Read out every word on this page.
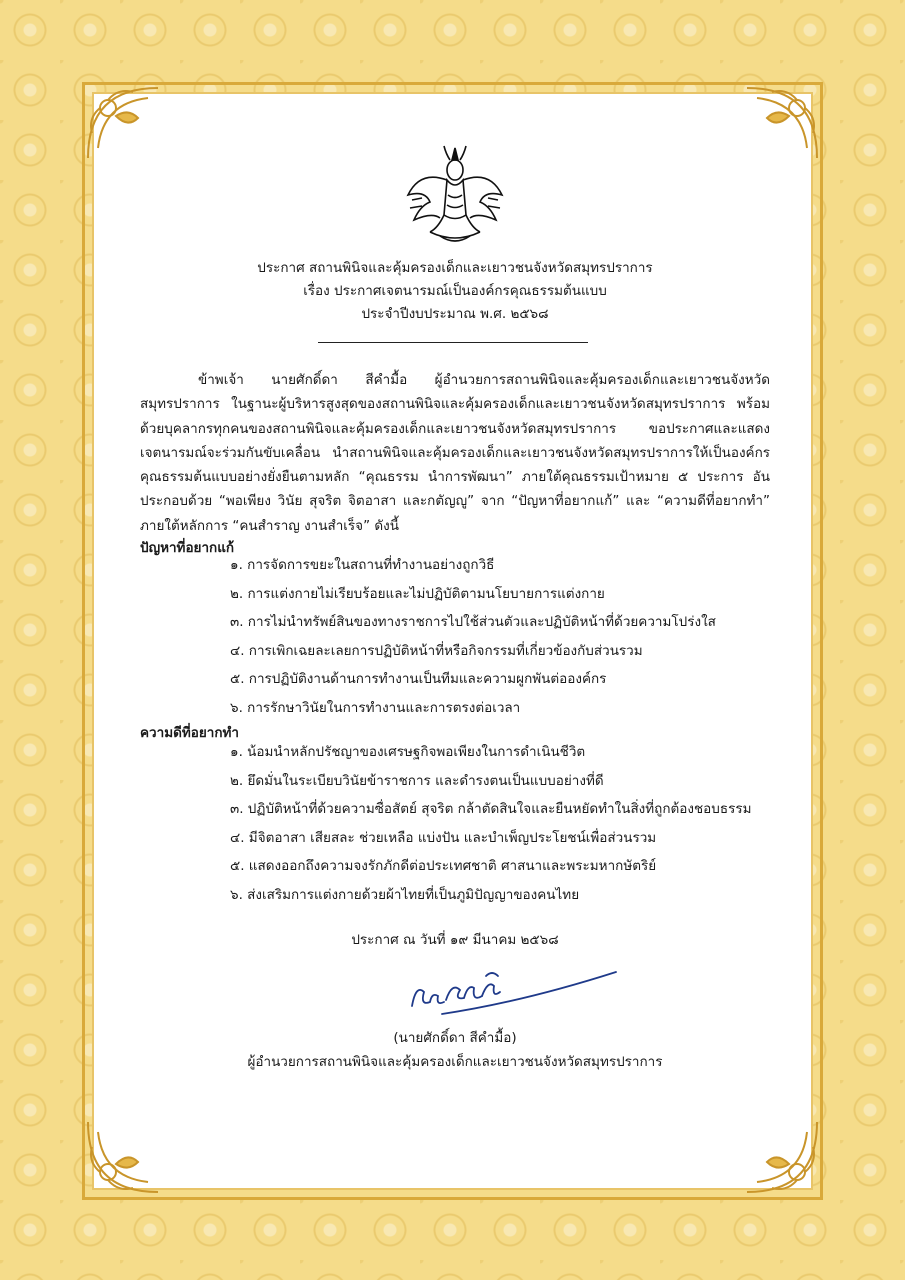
ประกาศ สถานพินิจและคุ้มครองเด็กและเยาวชนจังหวัดสมุทรปราการ
เรื่อง ประกาศเจตนารมณ์เป็นองค์กรคุณธรรมต้นแบบ
ประจำปีงบประมาณ พ.ศ. ๒๕๖๘
ข้าพเจ้า นายศักดิ์ดา สีคำมื้อ ผู้อำนวยการสถานพินิจและคุ้มครองเด็กและเยาวชนจังหวัดสมุทรปราการ ในฐานะผู้บริหารสูงสุดของสถานพินิจและคุ้มครองเด็กและเยาวชนจังหวัดสมุทรปราการ พร้อมด้วยบุคลากรทุกคนของสถานพินิจและคุ้มครองเด็กและเยาวชนจังหวัดสมุทรปราการ ขอประกาศและแสดงเจตนารมณ์จะร่วมกันขับเคลื่อน นำสถานพินิจและคุ้มครองเด็กและเยาวชนจังหวัดสมุทรปราการให้เป็นองค์กรคุณธรรมต้นแบบอย่างยั่งยืนตามหลัก “คุณธรรม นำการพัฒนา” ภายใต้คุณธรรมเป้าหมาย ๕ ประการ อันประกอบด้วย “พอเพียง วินัย สุจริต จิตอาสา และกตัญญู” จาก “ปัญหาที่อยากแก้” และ “ความดีที่อยากทำ” ภายใต้หลักการ “คนสำราญ งานสำเร็จ” ดังนี้
ปัญหาที่อยากแก้
๑. การจัดการขยะในสถานที่ทำงานอย่างถูกวิธี
๒. การแต่งกายไม่เรียบร้อยและไม่ปฏิบัติตามนโยบายการแต่งกาย
๓. การไม่นำทรัพย์สินของทางราชการไปใช้ส่วนตัวและปฏิบัติหน้าที่ด้วยความโปร่งใส
๔. การเพิกเฉยละเลยการปฏิบัติหน้าที่หรือกิจกรรมที่เกี่ยวข้องกับส่วนรวม
๕. การปฏิบัติงานด้านการทำงานเป็นทีมและความผูกพันต่อองค์กร
๖. การรักษาวินัยในการทำงานและการตรงต่อเวลา
ความดีที่อยากทำ
๑. น้อมนำหลักปรัชญาของเศรษฐกิจพอเพียงในการดำเนินชีวิต
๒. ยึดมั่นในระเบียบวินัยข้าราชการ และดำรงตนเป็นแบบอย่างที่ดี
๓. ปฏิบัติหน้าที่ด้วยความซื่อสัตย์ สุจริต กล้าตัดสินใจและยืนหยัดทำในสิ่งที่ถูกต้องชอบธรรม
๔. มีจิตอาสา เสียสละ ช่วยเหลือ แบ่งปัน และบำเพ็ญประโยชน์เพื่อส่วนรวม
๕. แสดงออกถึงความจงรักภักดีต่อประเทศชาติ ศาสนาและพระมหากษัตริย์
๖. ส่งเสริมการแต่งกายด้วยผ้าไทยที่เป็นภูมิปัญญาของคนไทย
ประกาศ ณ วันที่ ๑๙ มีนาคม ๒๕๖๘
(นายศักดิ์ดา สีคำมื้อ)
ผู้อำนวยการสถานพินิจและคุ้มครองเด็กและเยาวชนจังหวัดสมุทรปราการ
